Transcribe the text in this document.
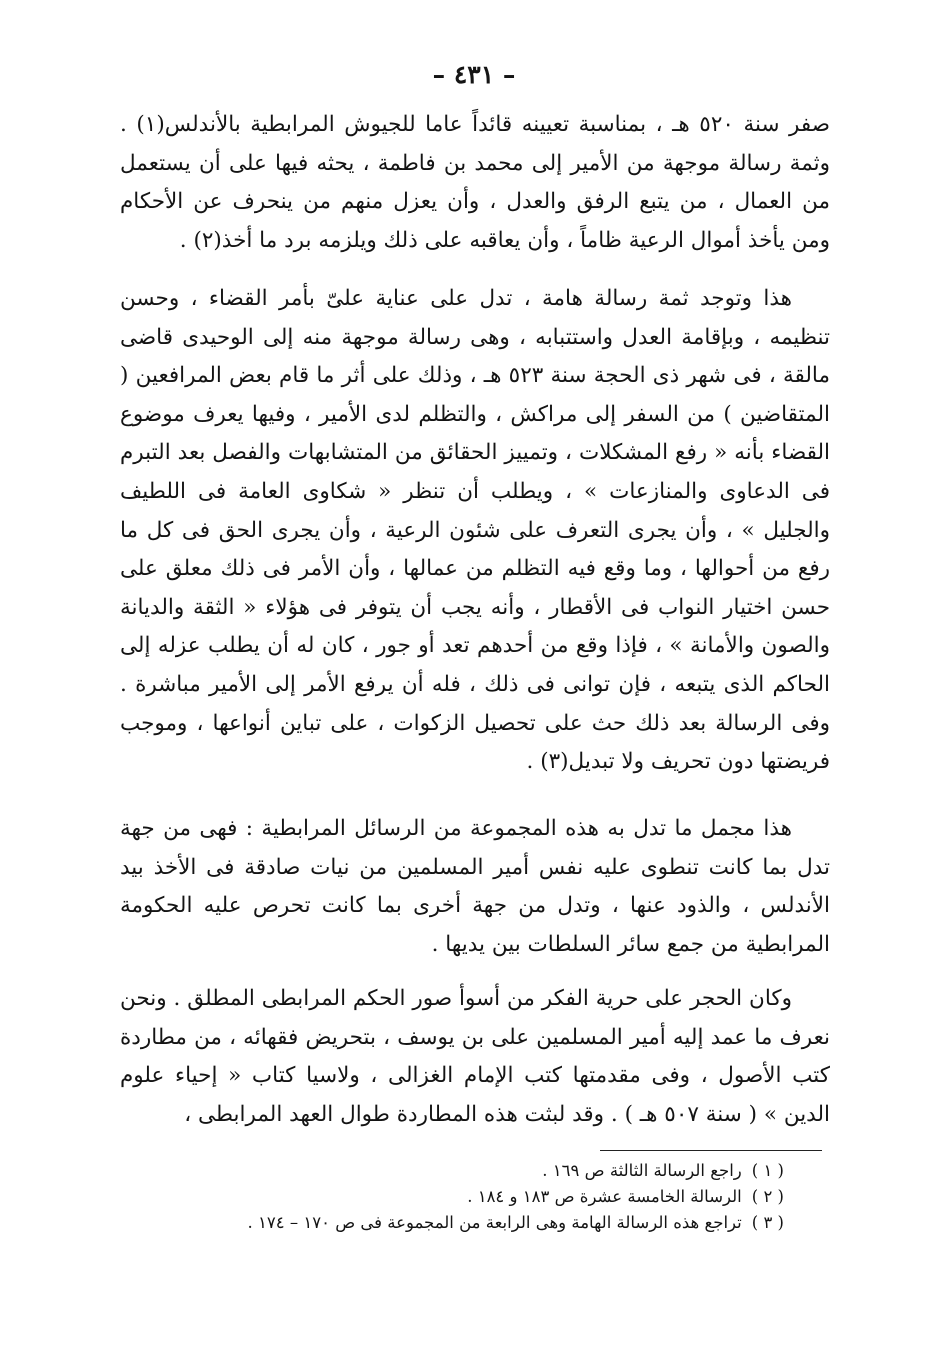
– ٤٣١ –

صفر سنة ٥٢٠ هـ ، بمناسبة تعيينه قائداً عاما للجيوش المرابطية بالأندلس(١) . وثمة رسالة موجهة من الأمير إلى محمد بن فاطمة ، يحثه فيها على أن يستعمل من العمال ، من يتبع الرفق والعدل ، وأن يعزل منهم من ينحرف عن الأحكام ومن يأخذ أموال الرعية ظاماً ، وأن يعاقبه على ذلك ويلزمه برد ما أخذ(٢) .

هذا وتوجد ثمة رسالة هامة ، تدل على عناية علىّ بأمر القضاء ، وحسن تنظيمه ، وبإقامة العدل واستتبابه ، وهى رسالة موجهة منه إلى الوحيدى قاضى مالقة ، فى شهر ذى الحجة سنة ٥٢٣ هـ ، وذلك على أثر ما قام بعض المرافعين ( المتقاضين ) من السفر إلى مراكش ، والتظلم لدى الأمير ، وفيها يعرف موضوع القضاء بأنه « رفع المشكلات ، وتمييز الحقائق من المتشابهات والفصل بعد التبرم فى الدعاوى والمنازعات » ، ويطلب أن تنظر « شكاوى العامة فى اللطيف والجليل » ، وأن يجرى التعرف على شئون الرعية ، وأن يجرى الحق فى كل ما رفع من أحوالها ، وما وقع فيه التظلم من عمالها ، وأن الأمر فى ذلك معلق على حسن اختيار النواب فى الأقطار ، وأنه يجب أن يتوفر فى هؤلاء « الثقة والديانة والصون والأمانة » ، فإذا وقع من أحدهم تعد أو جور ، كان له أن يطلب عزله إلى الحاكم الذى يتبعه ، فإن توانى فى ذلك ، فله أن يرفع الأمر إلى الأمير مباشرة . وفى الرسالة بعد ذلك حث على تحصيل الزكوات ، على تباين أنواعها ، وموجب فريضتها دون تحريف ولا تبديل(٣) .

هذا مجمل ما تدل به هذه المجموعة من الرسائل المرابطية : فهى من جهة تدل بما كانت تنطوى عليه نفس أمير المسلمين من نيات صادقة فى الأخذ بيد الأندلس ، والذود عنها ، وتدل من جهة أخرى بما كانت تحرص عليه الحكومة المرابطية من جمع سائر السلطات بين يديها .

وكان الحجر على حرية الفكر من أسوأ صور الحكم المرابطى المطلق . ونحن نعرف ما عمد إليه أمير المسلمين على بن يوسف ، بتحريض فقهائه ، من مطاردة كتب الأصول ، وفى مقدمتها كتب الإمام الغزالى ، ولاسيا كتاب « إحياء علوم الدين » ( سنة ٥٠٧ هـ ) . وقد لبثت هذه المطاردة طوال العهد المرابطى ،

( ١ )راجع الرسالة الثالثة ص ١٦٩ .
( ٢ )الرسالة الخامسة عشرة ص ١٨٣ و ١٨٤ .
( ٣ )تراجع هذه الرسالة الهامة وهى الرابعة من المجموعة فى ص ١٧٠ – ١٧٤ .
